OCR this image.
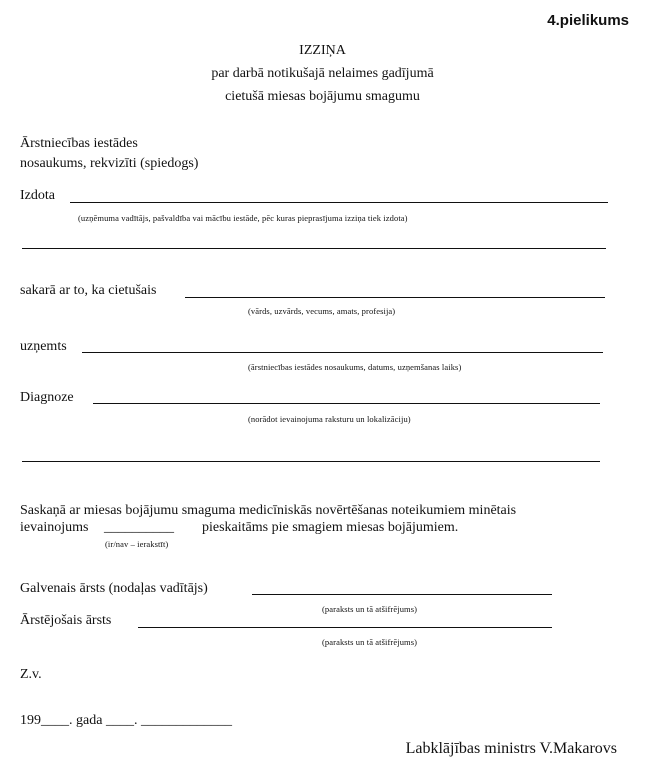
4.pielikums
IZZIŅA
par darbā notikušajā nelaimes gadījumā
cietušā miesas bojājumu smagumu
Ārstniecības iestādes
nosaukums, rekvizīti (spiedogs)
Izdota
(uzņēmuma vadītājs, pašvaldība vai mācību iestāde, pēc kuras pieprasījuma izziņa tiek izdota)
sakarā ar to, ka cietušais
(vārds, uzvārds, vecums, amats, profesija)
uzņemts
(ārstniecības iestādes nosaukums, datums, uzņemšanas laiks)
Diagnoze
(norādot ievainojuma raksturu un lokalizāciju)
Saskaņā ar miesas bojājumu smaguma medicīniskās novērtēšanas noteikumiem minētais
ievainojums __________ pieskaitāms pie smagiem miesas bojājumiem.
(ir/nav – ierakstīt)
Galvenais ārsts (nodaļas vadītājs)
(paraksts un tā atšifrējums)
Ārstējošais ārsts
(paraksts un tā atšifrējums)
Z.v.
199____. gada ____. _____________
Labklājības ministrs V.Makarovs
